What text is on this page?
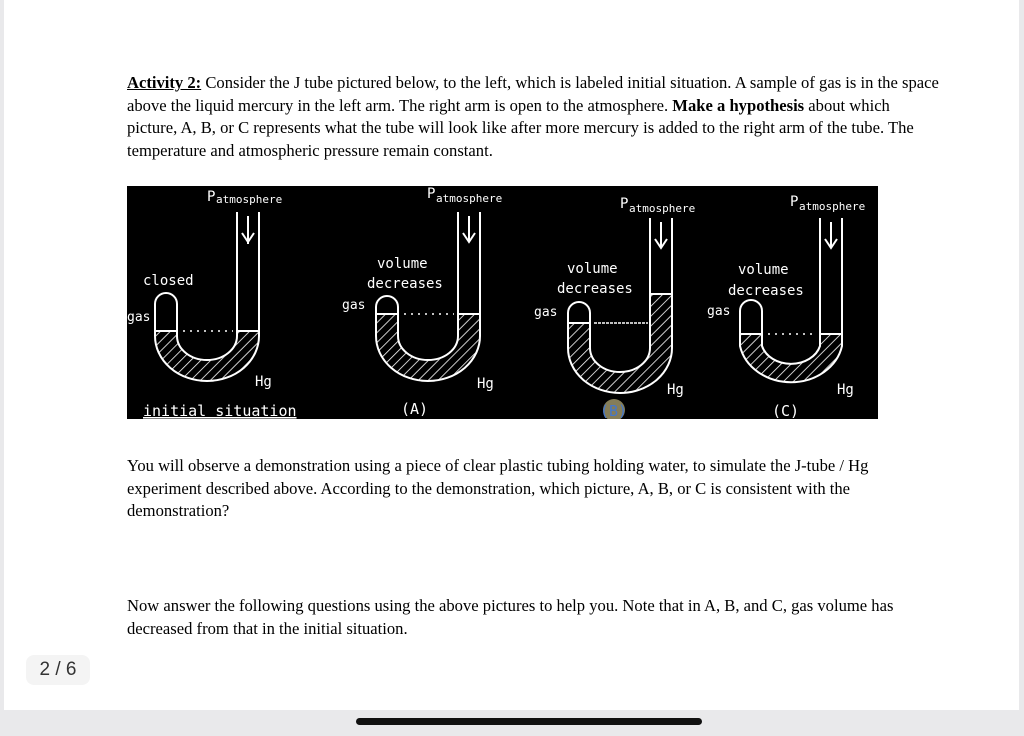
Activity 2: Consider the J tube pictured below, to the left, which is labeled initial situation. A sample of gas is in the space above the liquid mercury in the left arm. The right arm is open to the atmosphere. Make a hypothesis about which picture, A, B, or C represents what the tube will look like after more mercury is added to the right arm of the tube. The temperature and atmospheric pressure remain constant.
P atmosphere
closed
gas
Hg
initial situation
P atmosphere
volume
decreases
gas
Hg
(A)
P atmosphere
volume
decreases
gas
Hg
(B)
P atmosphere
volume
decreases
gas
Hg
(C)
You will observe a demonstration using a piece of clear plastic tubing holding water, to simulate the J-tube / Hg experiment described above. According to the demonstration, which picture, A, B, or C is consistent with the demonstration?
Now answer the following questions using the above pictures to help you. Note that in A, B, and C, gas volume has decreased from that in the initial situation.
2 / 6
